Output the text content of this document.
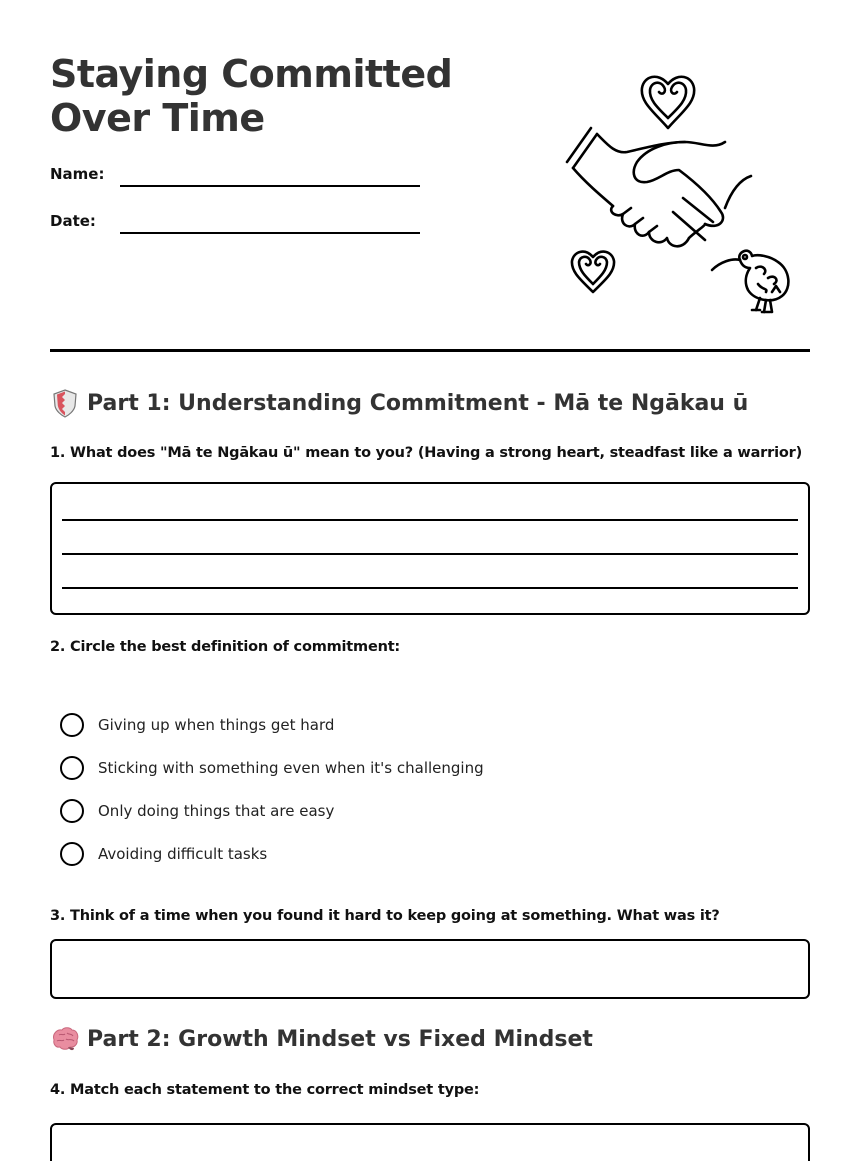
Staying Committed Over Time
Name:
Date:
Part 1: Understanding Commitment - Mā te Ngākau ū
1. What does "Mā te Ngākau ū" mean to you? (Having a strong heart, steadfast like a warrior)
2. Circle the best definition of commitment:
Giving up when things get hard
Sticking with something even when it's challenging
Only doing things that are easy
Avoiding difficult tasks
3. Think of a time when you found it hard to keep going at something. What was it?
Part 2: Growth Mindset vs Fixed Mindset
4. Match each statement to the correct mindset type:
